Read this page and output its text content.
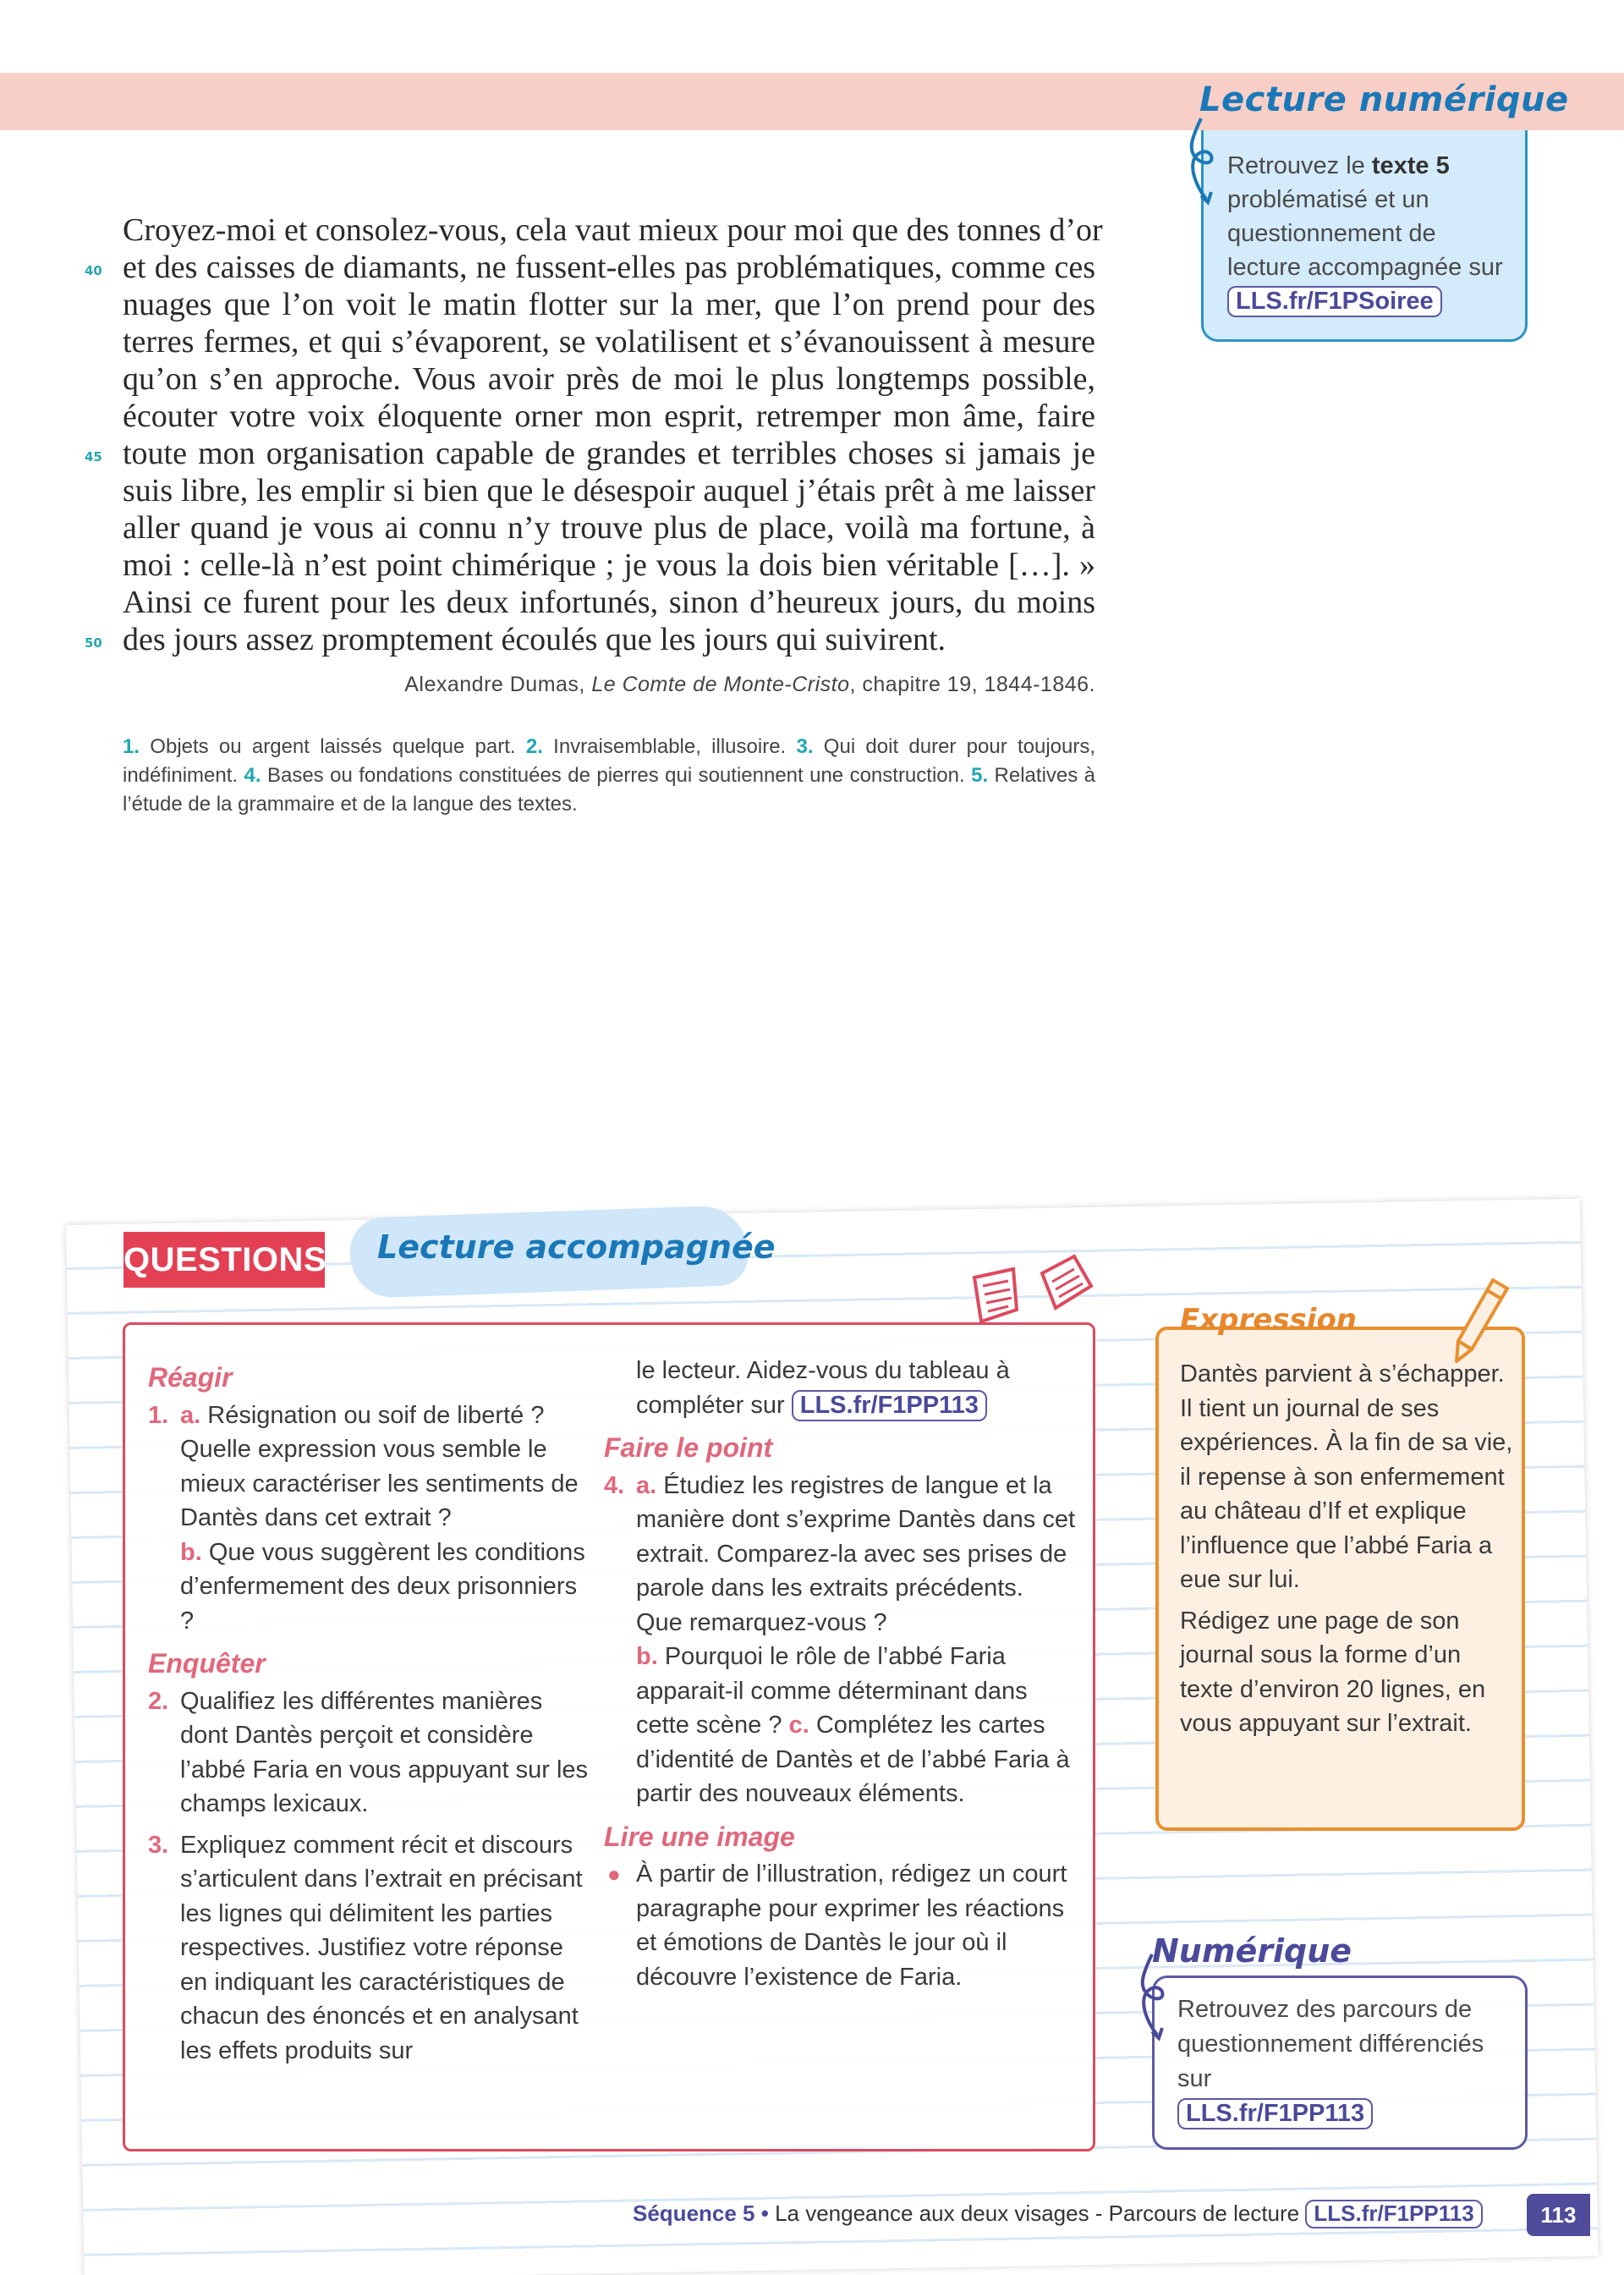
Lecture numérique
Retrouvez le texte 5 problématisé et un questionnement de lecture accompagnée sur LLS.fr/F1PSoiree
Croyez-moi et consolez-vous, cela vaut mieux pour moi que des tonnes d’or
40 et des caisses de diamants, ne fussent-elles pas problématiques, comme ces
nuages que l’on voit le matin flotter sur la mer, que l’on prend pour des
terres fermes, et qui s’évaporent, se volatilisent et s’évanouissent à mesure
qu’on s’en approche. Vous avoir près de moi le plus longtemps possible,
écouter votre voix éloquente orner mon esprit, retremper mon âme, faire
45 toute mon organisation capable de grandes et terribles choses si jamais je
suis libre, les emplir si bien que le désespoir auquel j’étais prêt à me laisser
aller quand je vous ai connu n’y trouve plus de place, voilà ma fortune, à
moi : celle-là n’est point chimérique ; je vous la dois bien véritable […]. »
Ainsi ce furent pour les deux infortunés, sinon d’heureux jours, du moins
50 des jours assez promptement écoulés que les jours qui suivirent.
Alexandre Dumas, Le Comte de Monte-Cristo, chapitre 19, 1844-1846.
1. Objets ou argent laissés quelque part. 2. Invraisemblable, illusoire. 3. Qui doit durer pour toujours, indéfiniment. 4. Bases ou fondations constituées de pierres qui soutiennent une construction. 5. Relatives à l’étude de la grammaire et de la langue des textes.
QUESTIONS Lecture accompagnée
Réagir
1. a. Résignation ou soif de liberté ? Quelle expression vous semble le mieux caractériser les sentiments de Dantès dans cet extrait ?
b. Que vous suggèrent les conditions d’enfermement des deux prisonniers ?
Enquêter
2. Qualifiez les différentes manières dont Dantès perçoit et considère l’abbé Faria en vous appuyant sur les champs lexicaux.
3. Expliquez comment récit et discours s’articulent dans l’extrait en précisant les lignes qui délimitent les parties respectives. Justifiez votre réponse en indiquant les caractéristiques de chacun des énoncés et en analysant les effets produits sur
le lecteur. Aidez-vous du tableau à compléter sur LLS.fr/F1PP113
Faire le point
4. a. Étudiez les registres de langue et la manière dont s’exprime Dantès dans cet extrait. Comparez-la avec ses prises de parole dans les extraits précédents. Que remarquez-vous ?
b. Pourquoi le rôle de l’abbé Faria apparait-il comme déterminant dans cette scène ? c. Complétez les cartes d’identité de Dantès et de l’abbé Faria à partir des nouveaux éléments.
Lire une image
● À partir de l’illustration, rédigez un court paragraphe pour exprimer les réactions et émotions de Dantès le jour où il découvre l’existence de Faria.
Expression

Dantès parvient à s’échapper. Il tient un journal de ses expériences. À la fin de sa vie, il repense à son enfermement au château d’If et explique l’influence que l’abbé Faria a eue sur lui.

Rédigez une page de son journal sous la forme d’un texte d’environ 20 lignes, en vous appuyant sur l’extrait.

Numérique
Retrouvez des parcours de questionnement différenciés sur
LLS.fr/F1PP113
Séquence 5 • La vengeance aux deux visages - Parcours de lecture LLS.fr/F1PP113	113
